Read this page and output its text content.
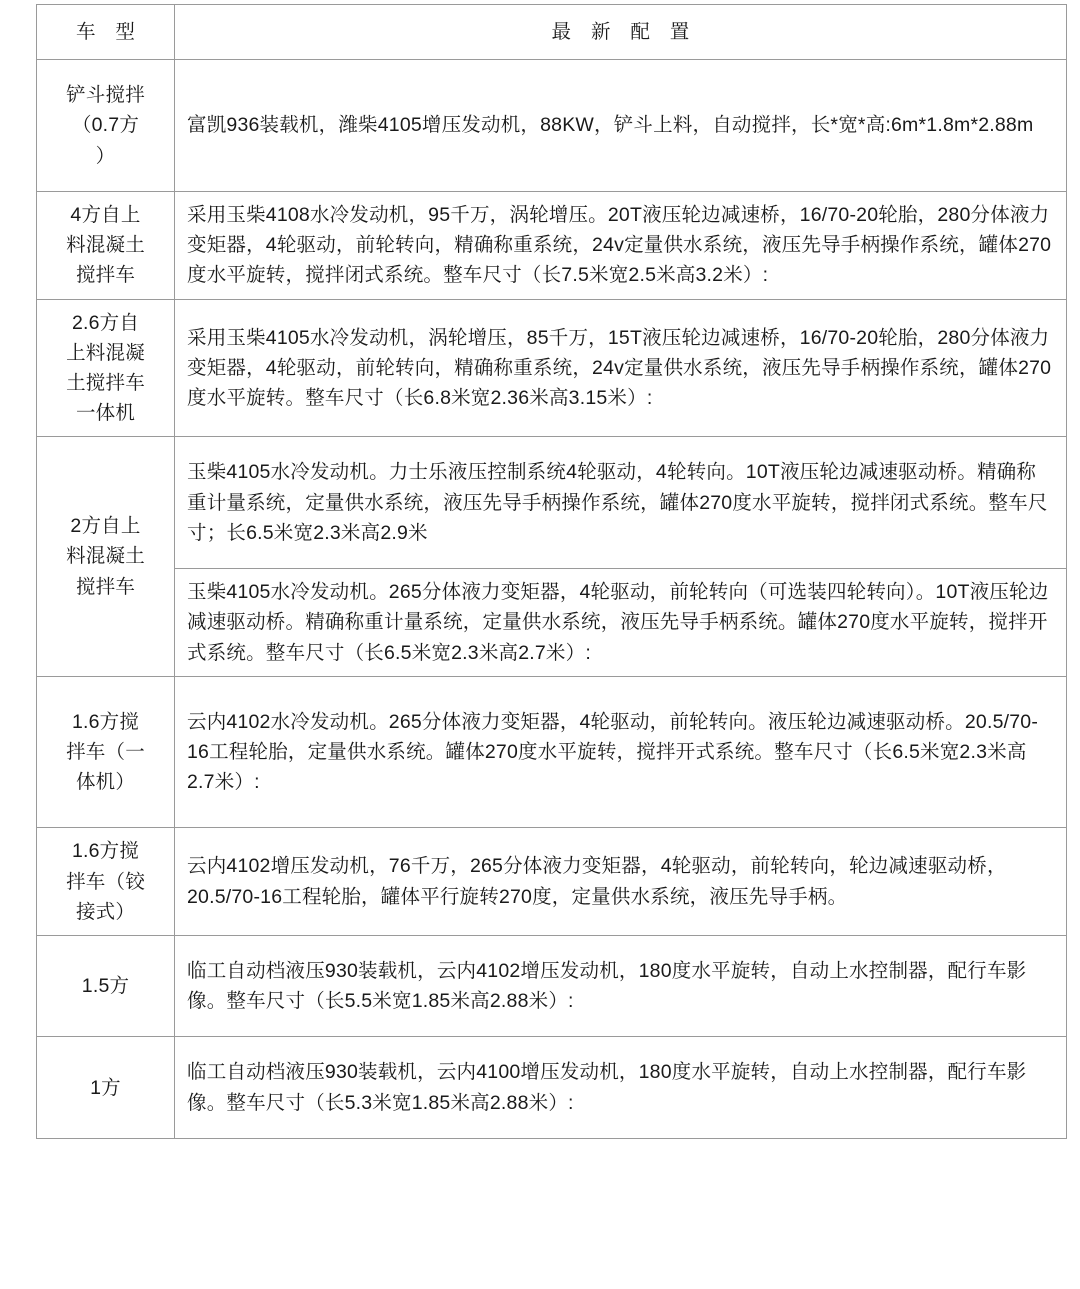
车　型	最　新　配　置

铲斗搅拌
（0.7方
）	富凯936装载机，潍柴4105增压发动机，88KW，铲斗上料，自动搅拌，长*宽*高:6m*1.8m*2.88m

4方自上
料混凝土
搅拌车	采用玉柴4108水冷发动机，95千万，涡轮增压。20T液压轮边减速桥，16/70-20轮胎，280分体液力变矩器，4轮驱动，前轮转向，精确称重系统，24v定量供水系统，液压先导手柄操作系统，罐体270度水平旋转，搅拌闭式系统。整车尺寸（长7.5米宽2.5米高3.2米）:

2.6方自
上料混凝
土搅拌车
一体机	采用玉柴4105水冷发动机，涡轮增压，85千万，15T液压轮边减速桥，16/70-20轮胎，280分体液力变矩器，4轮驱动，前轮转向，精确称重系统，24v定量供水系统，液压先导手柄操作系统，罐体270度水平旋转。整车尺寸（长6.8米宽2.36米高3.15米）:

2方自上
料混凝土
搅拌车	玉柴4105水冷发动机。力士乐液压控制系统4轮驱动，4轮转向。10T液压轮边减速驱动桥。精确称重计量系统，定量供水系统，液压先导手柄操作系统，罐体270度水平旋转，搅拌闭式系统。整车尺寸；长6.5米宽2.3米高2.9米
	玉柴4105水冷发动机。265分体液力变矩器，4轮驱动，前轮转向（可选装四轮转向）。10T液压轮边减速驱动桥。精确称重计量系统，定量供水系统，液压先导手柄系统。罐体270度水平旋转，搅拌开式系统。整车尺寸（长6.5米宽2.3米高2.7米）:

1.6方搅
拌车（一
体机）	云内4102水冷发动机。265分体液力变矩器，4轮驱动，前轮转向。液压轮边减速驱动桥。20.5/70-16工程轮胎，定量供水系统。罐体270度水平旋转，搅拌开式系统。整车尺寸（长6.5米宽2.3米高2.7米）:

1.6方搅
拌车（铰
接式）	云内4102增压发动机，76千万，265分体液力变矩器，4轮驱动，前轮转向，轮边减速驱动桥，20.5/70-16工程轮胎，罐体平行旋转270度，定量供水系统，液压先导手柄。

1.5方	临工自动档液压930装载机，云内4102增压发动机，180度水平旋转，自动上水控制器，配行车影像。整车尺寸（长5.5米宽1.85米高2.88米）:

1方	临工自动档液压930装载机，云内4100增压发动机，180度水平旋转，自动上水控制器，配行车影像。整车尺寸（长5.3米宽1.85米高2.88米）:
